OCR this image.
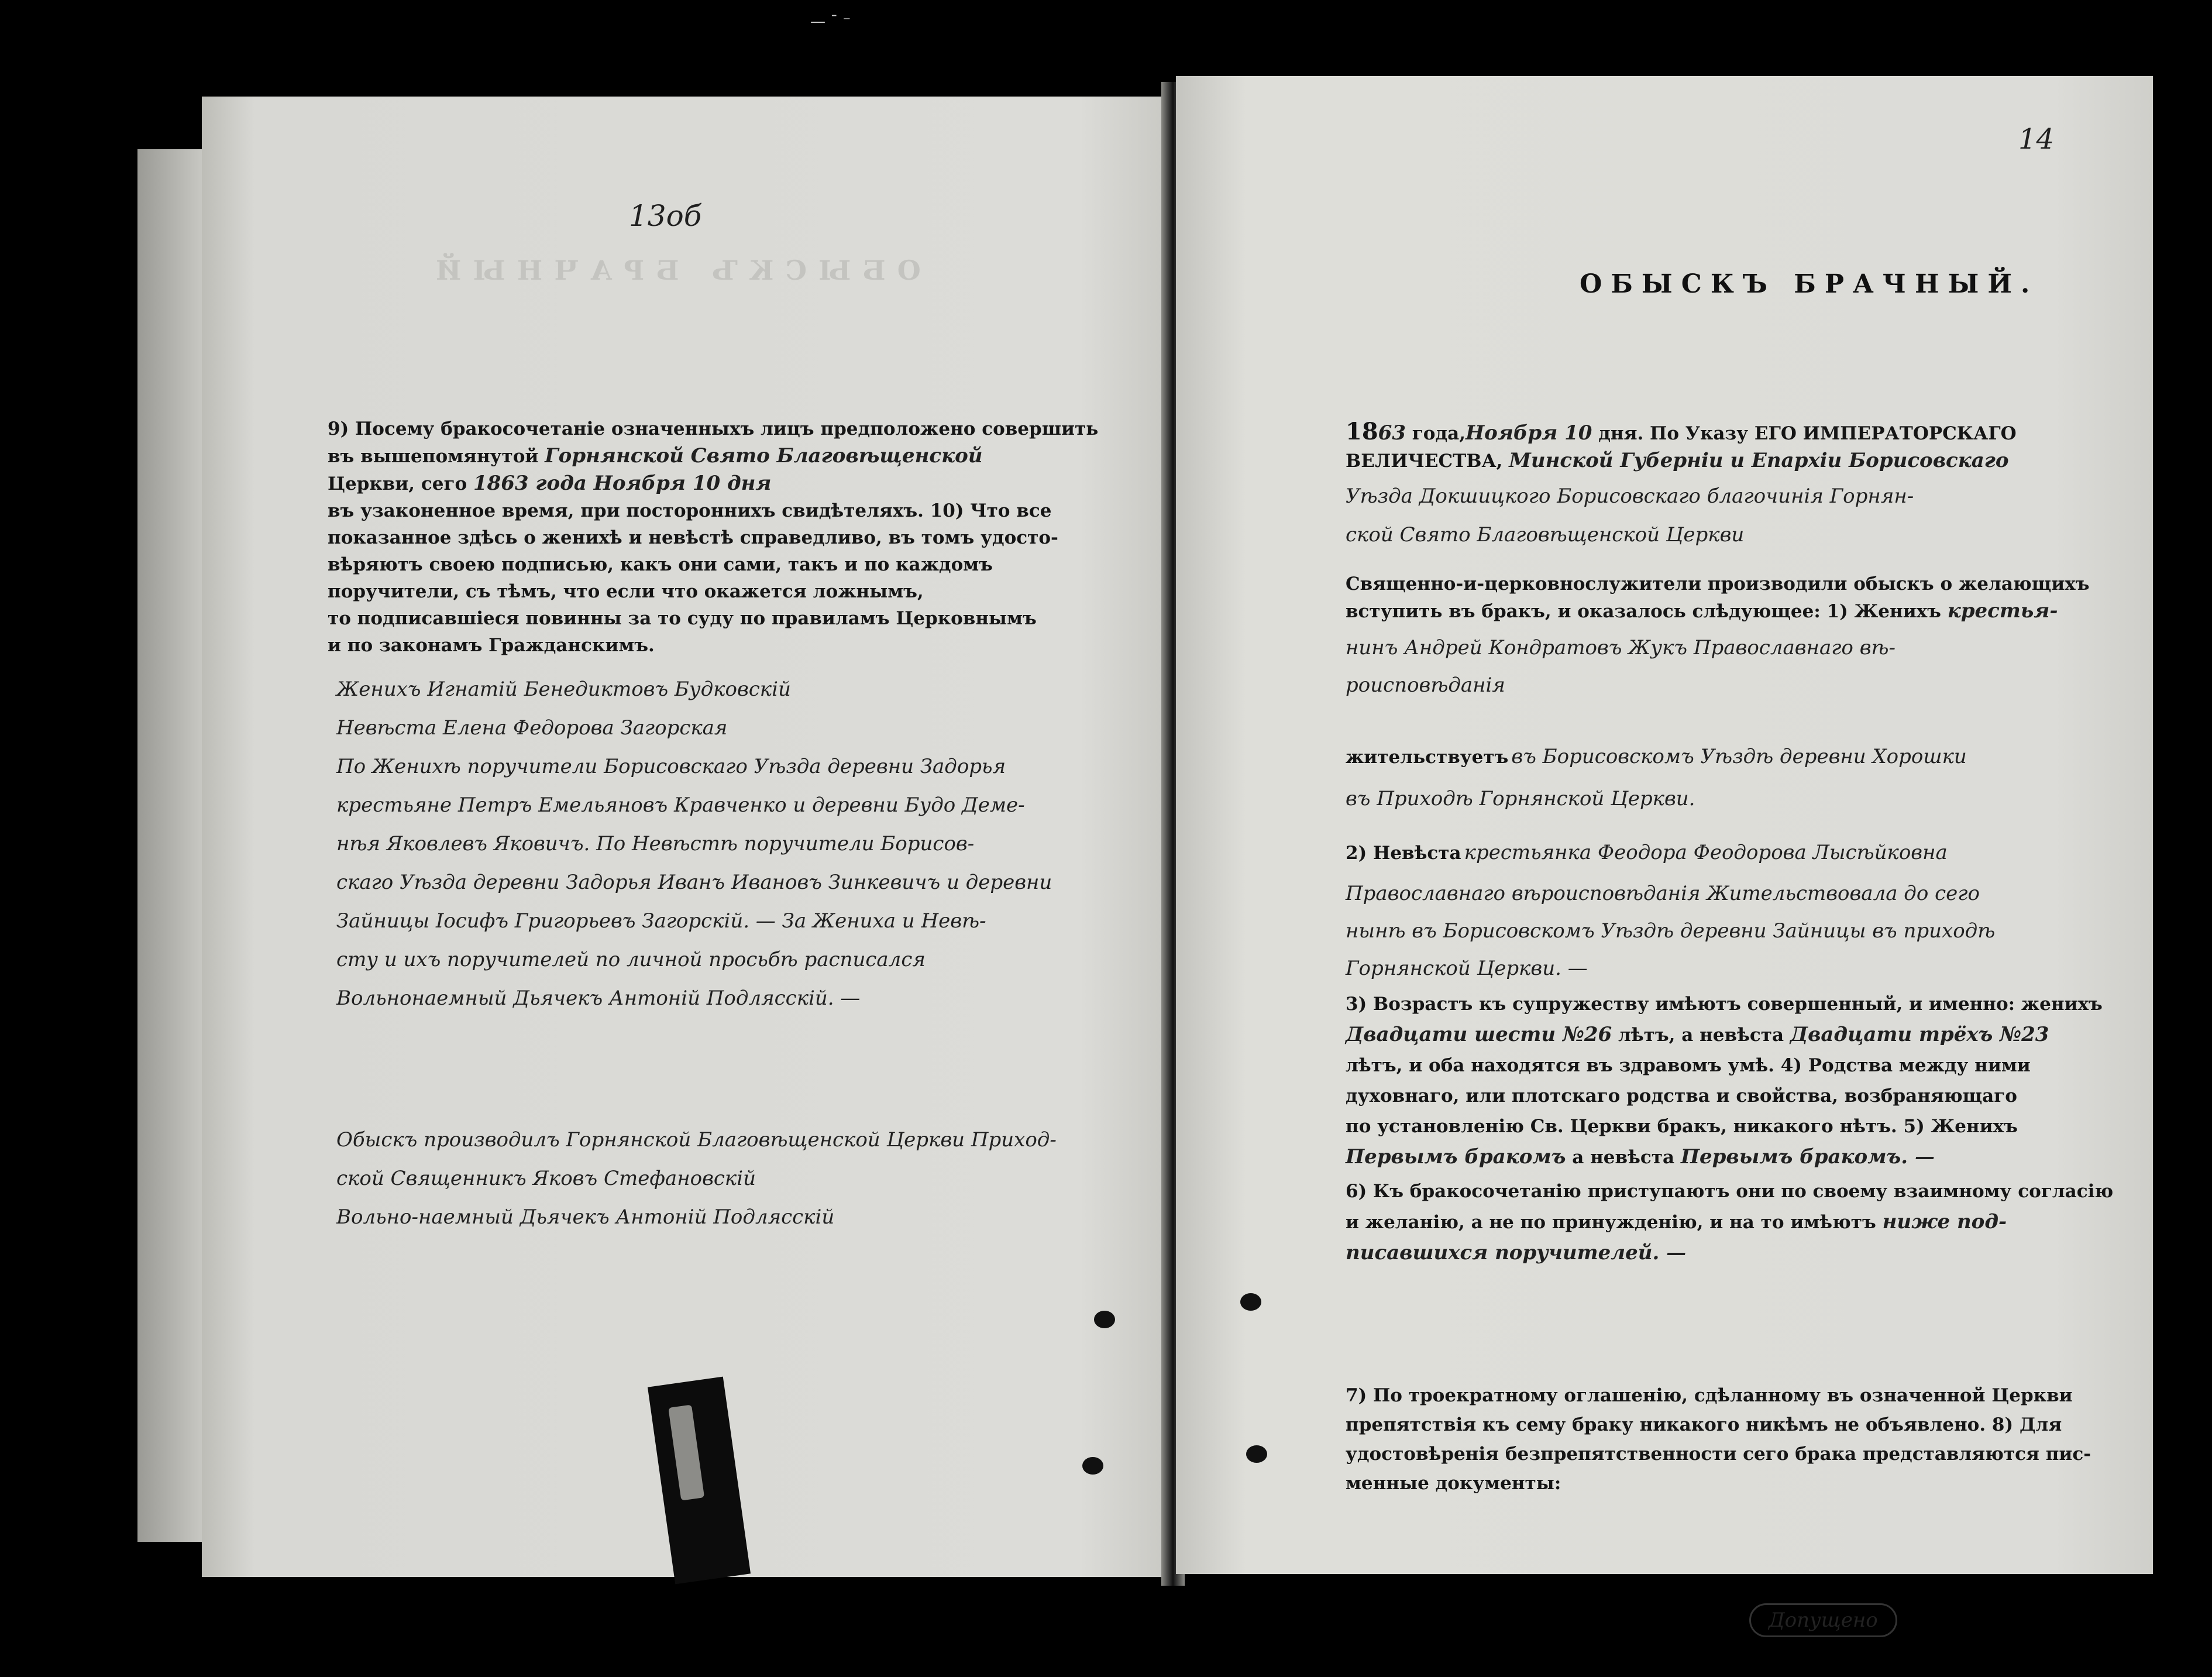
— ¯ ⁻
13об
ОБЫСКЪ БРАЧНЫЙ
9) Посему бракосочетаніе означенныхъ лицъ предположено совершить
въ вышепомянутой Горнянской Свято Благовѣщенской
Церкви, сего 1863 года Ноября 10 дня
въ узаконенное время, при постороннихъ свидѣтеляхъ. 10) Что все
показанное здѣсь о женихѣ и невѣстѣ справедливо, въ томъ удосто-
вѣряютъ своею подписью, какъ они сами, такъ и по каждомъ
поручители, съ тѣмъ, что если что окажется ложнымъ,
то подписавшіеся повинны за то суду по правиламъ Церковнымъ
и по законамъ Гражданскимъ.
Женихъ Игнатій Бенедиктовъ Будковскій
Невѣста Елена Федорова Загорская
По Женихѣ поручители Борисовскаго Уѣзда деревни Задорья
крестьяне Петръ Емельяновъ Кравченко и деревни Будо Деме-
нѣя Яковлевъ Яковичъ. По Невѣстѣ поручители Борисов-
скаго Уѣзда деревни Задорья Иванъ Ивановъ Зинкевичъ и деревни
Зайницы Іосифъ Григорьевъ Загорскій. — За Жениха и Невѣ-
сту и ихъ поручителей по личной просьбѣ расписался
Вольнонаемный Дьячекъ Антоній Подлясскій. —
Обыскъ производилъ Горнянской Благовѣщенской Церкви Приход-
ской Священникъ Яковъ Стефановскій
Вольно-наемный Дьячекъ Антоній Подлясскій
14
ОБЫСКЪ БРАЧНЫЙ.
1863 года,Ноября 10 дня. По Указу ЕГО ИМПЕРАТОРСКАГО
ВЕЛИЧЕСТВА, Минской Губерніи и Епархіи Борисовскаго
Уѣзда Докшицкого Борисовскаго благочинія Горнян-
ской Свято Благовѣщенской Церкви
Священно-и-церковнослужители производили обыскъ о желающихъ
вступить въ бракъ, и оказалось слѣдующее: 1) Женихъ крестья-
нинъ Андрей Кондратовъ Жукъ Православнаго вѣ-
роисповѣданія
жительствуетъ въ Борисовскомъ Уѣздѣ деревни Хорошки
въ Приходѣ Горнянской Церкви.
2) Невѣста крестьянка Феодора Феодорова Лысѣйковна
Православнаго вѣроисповѣданія Жительствовала до сего
нынѣ въ Борисовскомъ Уѣздѣ деревни Зайницы въ приходѣ
Горнянской Церкви. —
3) Возрастъ къ супружеству имѣютъ совершенный, и именно: женихъ
Двадцати шести №26 лѣтъ, а невѣста Двадцати трёхъ №23
лѣтъ, и оба находятся въ здравомъ умѣ. 4) Родства между ними
духовнаго, или плотскаго родства и свойства, возбраняющаго
по установленію Св. Церкви бракъ, никакого нѣтъ. 5) Женихъ
Первымъ бракомъ а невѣста Первымъ бракомъ. —
6) Къ бракосочетанію приступаютъ они по своему взаимному согласію
и желанію, а не по принужденію, и на то имѣютъ ниже под-
писавшихся поручителей. —
Допущено
7) По троекратному оглашенію, сдѣланному въ означенной Церкви
препятствія къ сему браку никакого никѣмъ не объявлено. 8) Для
удостовѣренія безпрепятственности сего брака представляются пис-
менные документы:
